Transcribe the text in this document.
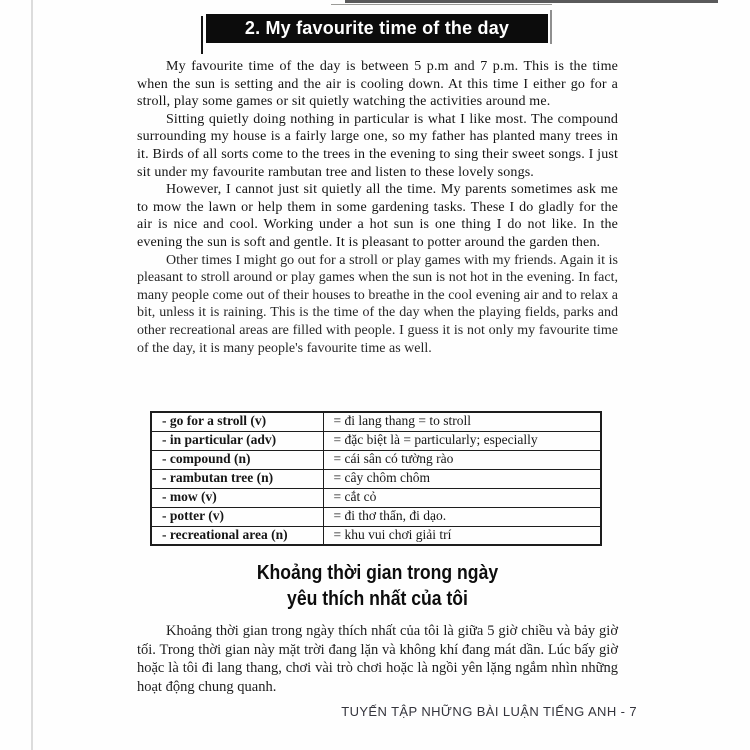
2. My favourite time of the day

My favourite time of the day is between 5 p.m and 7 p.m. This is the time when the sun is setting and the air is cooling down. At this time I either go for a stroll, play some games or sit quietly watching the activities around me.

Sitting quietly doing nothing in particular is what I like most. The compound surrounding my house is a fairly large one, so my father has planted many trees in it. Birds of all sorts come to the trees in the evening to sing their sweet songs. I just sit under my favourite rambutan tree and listen to these lovely songs.

However, I cannot just sit quietly all the time. My parents sometimes ask me to mow the lawn or help them in some gardening tasks. These I do gladly for the air is nice and cool. Working under a hot sun is one thing I do not like. In the evening the sun is soft and gentle. It is pleasant to potter around the garden then.

Other times I might go out for a stroll or play games with my friends. Again it is pleasant to stroll around or play games when the sun is not hot in the evening. In fact, many people come out of their houses to breathe in the cool evening air and to relax a bit, unless it is raining. This is the time of the day when the playing fields, parks and other recreational areas are filled with people. I guess it is not only my favourite time of the day, it is many people's favourite time as well.

- go for a stroll (v)	= đi lang thang = to stroll
- in particular (adv)	= đặc biệt là = particularly; especially
- compound (n)	= cái sân có tường rào
- rambutan tree (n)	= cây chôm chôm
- mow (v)	= cắt cỏ
- potter (v)	= đi thơ thẩn, đi dạo.
- recreational area (n)	= khu vui chơi giải trí
Khoảng thời gian trong ngày
yêu thích nhất của tôi

Khoảng thời gian trong ngày thích nhất của tôi là giữa 5 giờ chiều và bảy giờ tối. Trong thời gian này mặt trời đang lặn và không khí đang mát dần. Lúc bấy giờ hoặc là tôi đi lang thang, chơi vài trò chơi hoặc là ngồi yên lặng ngắm nhìn những hoạt động chung quanh.

TUYẾN TẬP NHỮNG BÀI LUẬN TIẾNG ANH - 7
